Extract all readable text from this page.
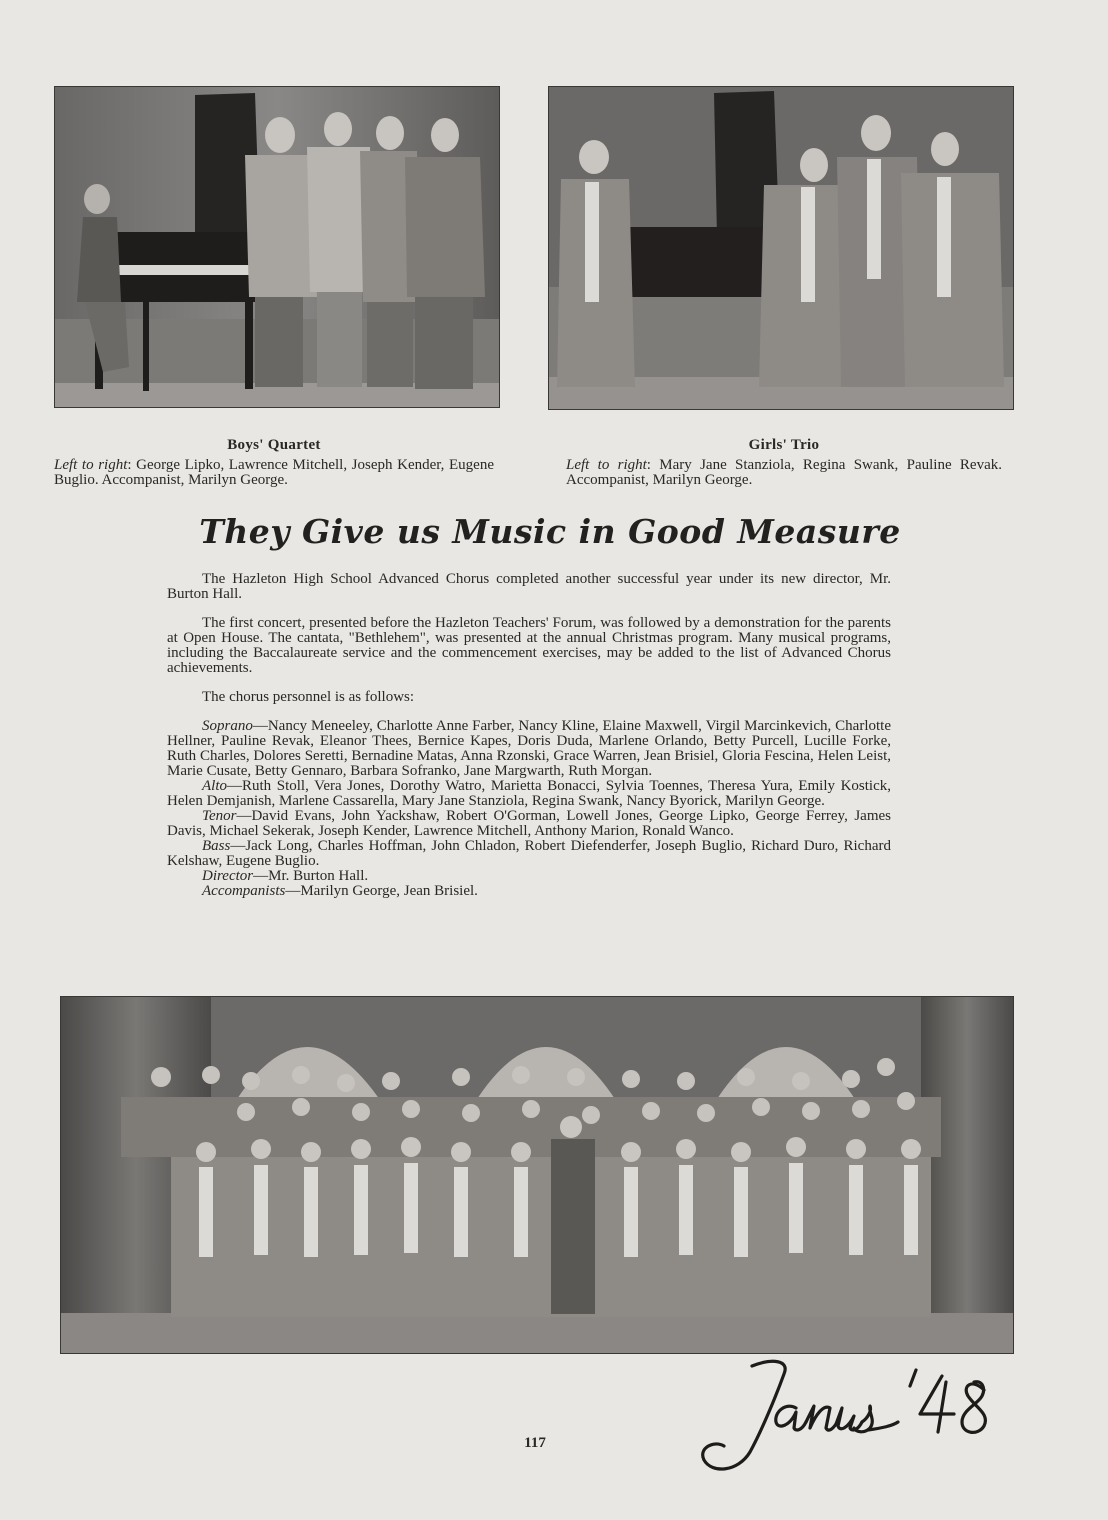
Boys' Quartet
Left to right: George Lipko, Lawrence Mitchell, Joseph Kender, Eugene Buglio. Accompanist, Marilyn George.
Girls' Trio
Left to right: Mary Jane Stanziola, Regina Swank, Pauline Revak. Accompanist, Marilyn George.
They Give us Music in Good Measure

The Hazleton High School Advanced Chorus completed another successful year under its new director, Mr. Burton Hall.

The first concert, presented before the Hazleton Teachers' Forum, was followed by a demonstration for the parents at Open House. The cantata, "Bethlehem", was presented at the annual Christmas program. Many musical programs, including the Baccalaureate service and the commencement exercises, may be added to the list of Advanced Chorus achievements.

The chorus personnel is as follows:

Soprano—Nancy Meneeley, Charlotte Anne Farber, Nancy Kline, Elaine Maxwell, Virgil Marcinkevich, Charlotte Hellner, Pauline Revak, Eleanor Thees, Bernice Kapes, Doris Duda, Marlene Orlando, Betty Purcell, Lucille Forke, Ruth Charles, Dolores Seretti, Bernadine Matas, Anna Rzonski, Grace Warren, Jean Brisiel, Gloria Fescina, Helen Leist, Marie Cusate, Betty Gennaro, Barbara Sofranko, Jane Margwarth, Ruth Morgan.

Alto—Ruth Stoll, Vera Jones, Dorothy Watro, Marietta Bonacci, Sylvia Toennes, Theresa Yura, Emily Kostick, Helen Demjanish, Marlene Cassarella, Mary Jane Stanziola, Regina Swank, Nancy Byorick, Marilyn George.

Tenor—David Evans, John Yackshaw, Robert O'Gorman, Lowell Jones, George Lipko, George Ferrey, James Davis, Michael Sekerak, Joseph Kender, Lawrence Mitchell, Anthony Marion, Ronald Wanco.

Bass—Jack Long, Charles Hoffman, John Chladon, Robert Diefenderfer, Joseph Buglio, Richard Duro, Richard Kelshaw, Eugene Buglio.

Director—Mr. Burton Hall.

Accompanists—Marilyn George, Jean Brisiel.

117
